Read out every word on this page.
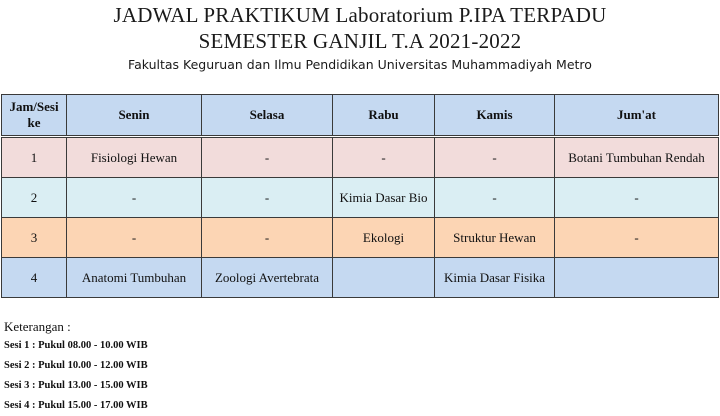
JADWAL PRAKTIKUM Laboratorium P.IPA TERPADU
SEMESTER GANJIL T.A 2021-2022
Fakultas Keguruan dan Ilmu Pendidikan Universitas Muhammadiyah Metro
Jam/Sesi
ke	Senin	Selasa	Rabu	Kamis	Jum'at

1	Fisiologi Hewan	-	-	-	Botani Tumbuhan Rendah
2	-	-	Kimia Dasar Bio	-	-
3	-	-	Ekologi	Struktur Hewan	-
4	Anatomi Tumbuhan	Zoologi Avertebrata		Kimia Dasar Fisika	
Keterangan :
Sesi 1 : Pukul 08.00 - 10.00 WIB
Sesi 2 : Pukul 10.00 - 12.00 WIB
Sesi 3 : Pukul 13.00 - 15.00 WIB
Sesi 4 : Pukul 15.00 - 17.00 WIB
